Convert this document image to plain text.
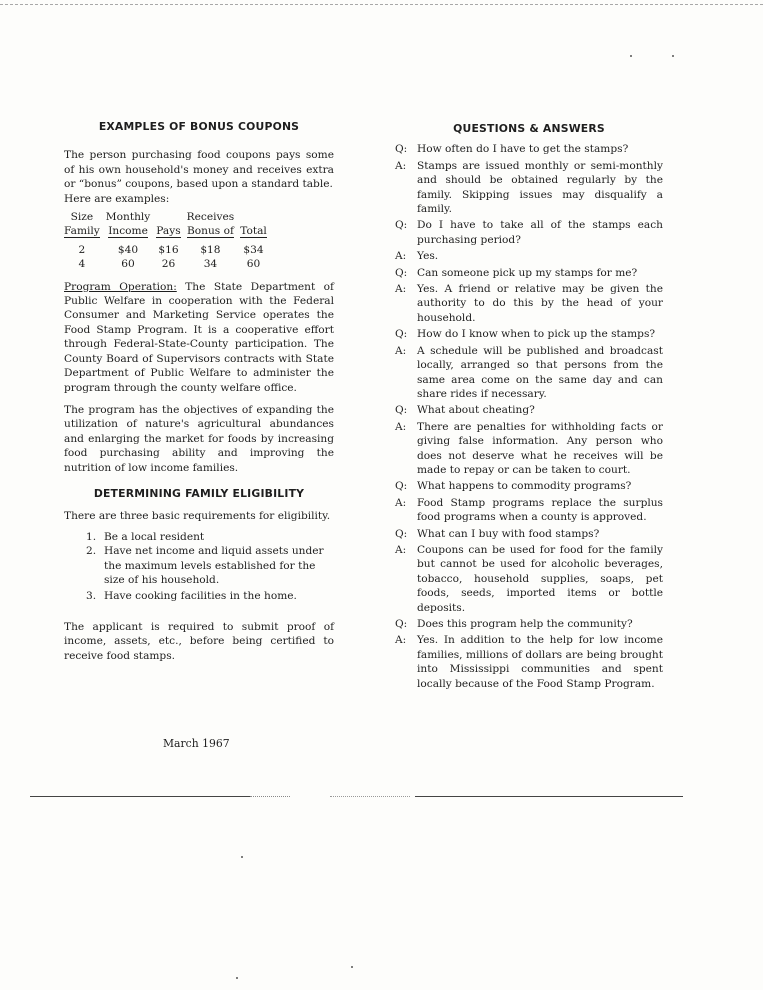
EXAMPLES OF BONUS COUPONS

The person purchasing food coupons pays some of his own household's money and receives extra or “bonus” coupons, based upon a standard table.

Here are examples:

Size	Monthly		Receives	
Family	Income	Pays	Bonus of	Total

2	$40	$16	$18	$34
4	60	26	34	60

Program Operation: The State Department of Public Welfare in cooperation with the Federal Consumer and Marketing Service operates the Food Stamp Program. It is a cooperative effort through Federal-State-County participation. The County Board of Supervisors contracts with State Department of Public Welfare to administer the program through the county welfare office.

The program has the objectives of expanding the utilization of nature's agricultural abundances and enlarging the market for foods by increasing food purchasing ability and improving the nutrition of low income families.

DETERMINING FAMILY ELIGIBILITY

There are three basic requirements for eligibility.

1. Be a local resident
2. Have net income and liquid assets under the maximum levels established for the size of his household.
3. Have cooking facilities in the home.

The applicant is required to submit proof of income, assets, etc., before being certified to receive food stamps.

March 1967
QUESTIONS & ANSWERS
Q: How often do I have to get the stamps?
A:	Stamps are issued monthly or semi-monthly and should be obtained regularly by the family. Skipping issues may disqualify a family.
Q: Do I have to take all of the stamps each purchasing period?
A:	Yes.
Q: Can someone pick up my stamps for me?
A:	Yes. A friend or relative may be given the authority to do this by the head of your household.
Q: How do I know when to pick up the stamps?
A:	A schedule will be published and broadcast locally, arranged so that persons from the same area come on the same day and can share rides if necessary.
Q: What about cheating?
A:	There are penalties for withholding facts or giving false information. Any person who does not deserve what he receives will be made to repay or can be taken to court.
Q: What happens to commodity programs?
A:	Food Stamp programs replace the surplus food programs when a county is approved.
Q: What can I buy with food stamps?
A:	Coupons can be used for food for the family but cannot be used for alcoholic beverages, tobacco, household supplies, soaps, pet foods, seeds, imported items or bottle deposits.
Q: Does this program help the community?
A:	Yes. In addition to the help for low income families, millions of dollars are being brought into Mississippi communities and spent locally because of the Food Stamp Program.
